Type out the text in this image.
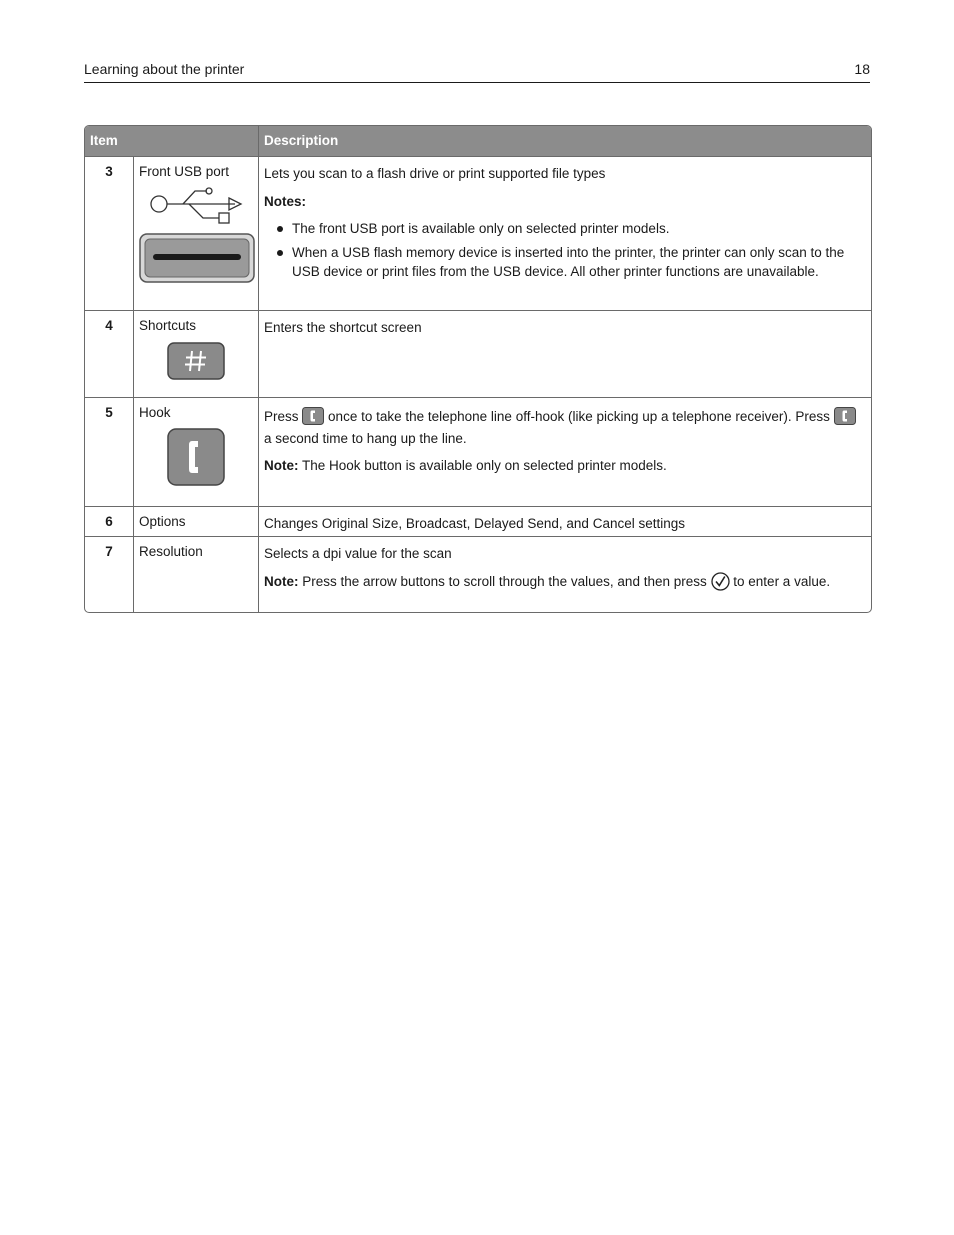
Learning about the printer	18
Item	Description
3	Front USB port	Lets you scan to a flash drive or print supported file types
Notes:
The front USB port is available only on selected printer models.
When a USB flash memory device is inserted into the printer, the printer can only scan to the USB device or print files from the USB device. All other printer functions are unavailable.
4	Shortcuts	Enters the shortcut screen
5	Hook	Press once to take the telephone line off-hook (like picking up a telephone receiver). Press  a second time to hang up the line.
Note: The Hook button is available only on selected printer models.
6	Options	Changes Original Size, Broadcast, Delayed Send, and Cancel settings
7	Resolution	Selects a dpi value for the scan
Note: Press the arrow buttons to scroll through the values, and then press to enter a value.
